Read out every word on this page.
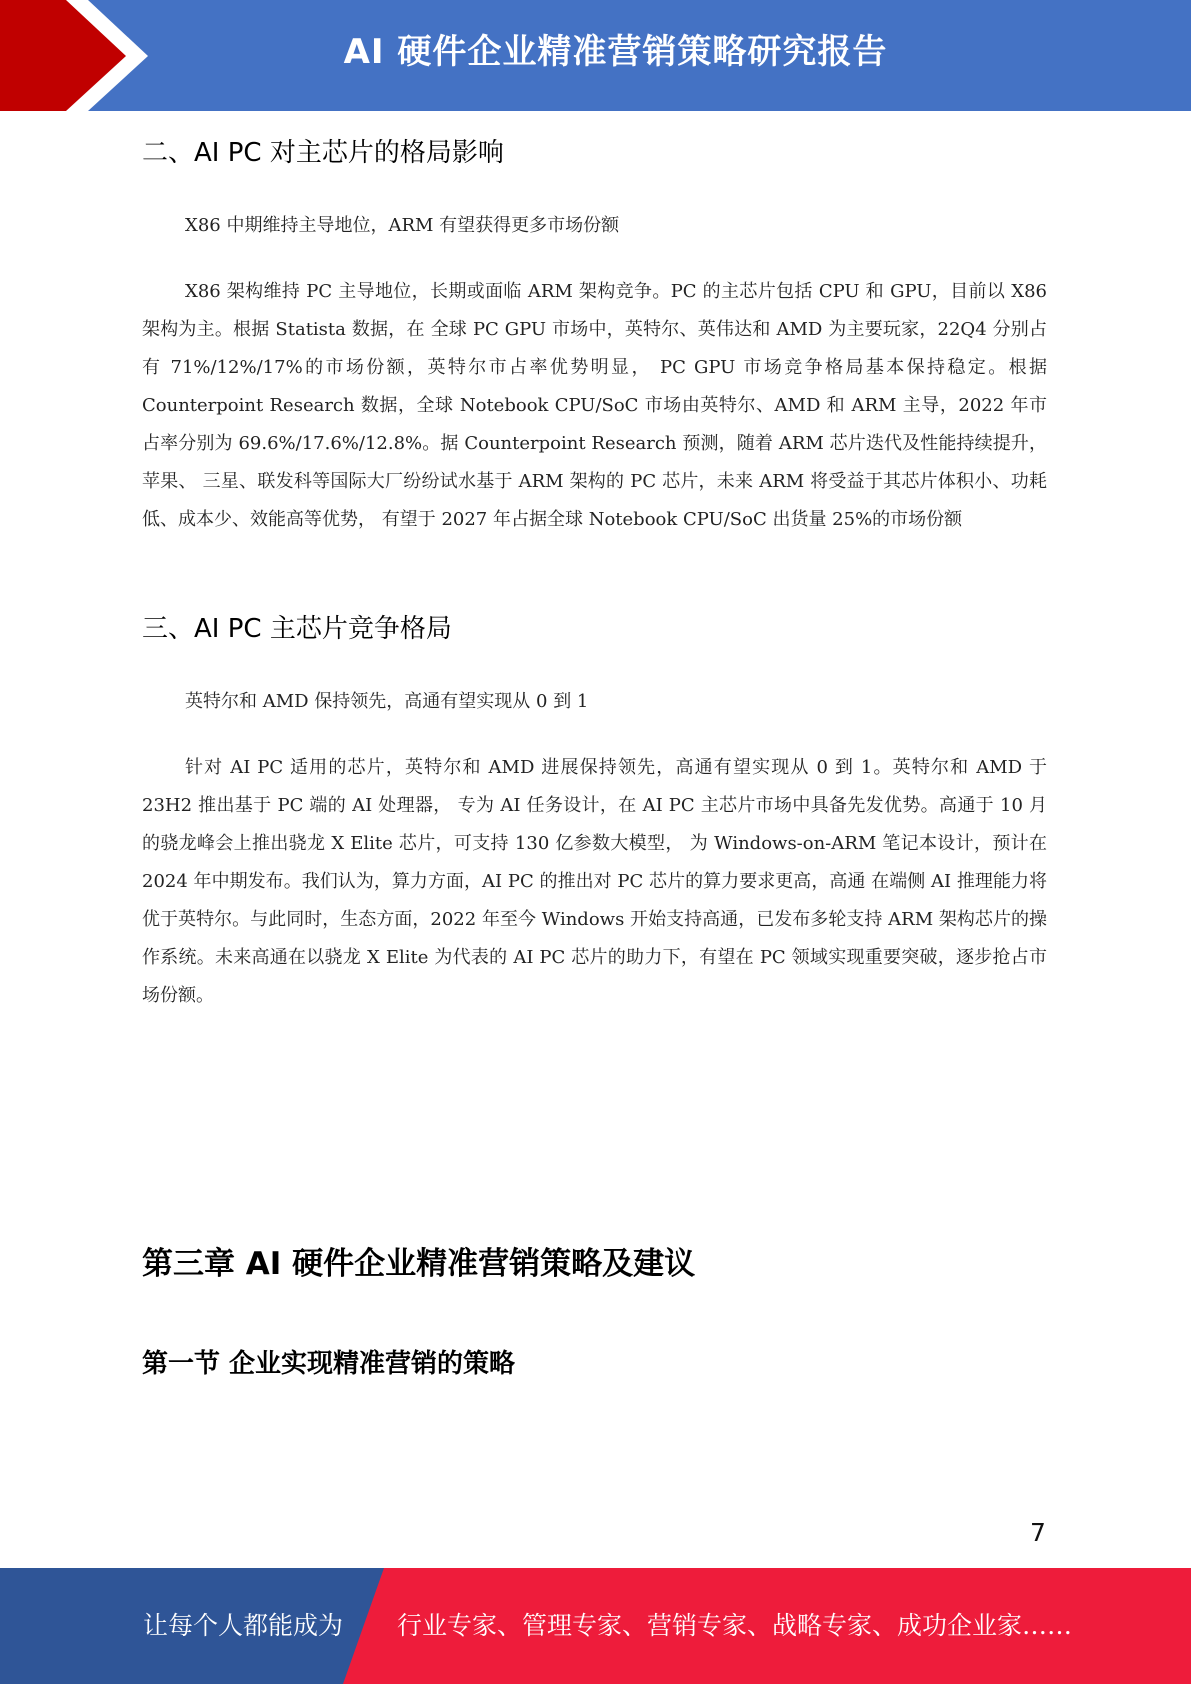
AI 硬件企业精准营销策略研究报告
二、AI PC 对主芯片的格局影响

X86 中期维持主导地位，ARM 有望获得更多市场份额

X86 架构维持 PC 主导地位，长期或面临 ARM 架构竞争。PC 的主芯片包括 CPU 和 GPU，目前以 X86 架构为主。根据 Statista 数据，在 全球 PC GPU 市场中，英特尔、英伟达和 AMD 为主要玩家，22Q4 分别占有 71%/12%/17%的市场份额，英特尔市占率优势明显， PC GPU 市场竞争格局基本保持稳定。根据 Counterpoint Research 数据，全球 Notebook CPU/SoC 市场由英特尔、AMD 和 ARM 主导，2022 年市占率分别为 69.6%/17.6%/12.8%。据 Counterpoint Research 预测，随着 ARM 芯片迭代及性能持续提升，苹果、 三星、联发科等国际大厂纷纷试水基于 ARM 架构的 PC 芯片，未来 ARM 将受益于其芯片体积小、功耗低、成本少、效能高等优势， 有望于 2027 年占据全球 Notebook CPU/SoC 出货量 25%的市场份额

三、AI PC 主芯片竞争格局

英特尔和 AMD 保持领先，高通有望实现从 0 到 1

针对 AI PC 适用的芯片，英特尔和 AMD 进展保持领先，高通有望实现从 0 到 1。英特尔和 AMD 于 23H2 推出基于 PC 端的 AI 处理器， 专为 AI 任务设计，在 AI PC 主芯片市场中具备先发优势。高通于 10 月的骁龙峰会上推出骁龙 X Elite 芯片，可支持 130 亿参数大模型， 为 Windows-on-ARM 笔记本设计，预计在 2024 年中期发布。我们认为，算力方面，AI PC 的推出对 PC 芯片的算力要求更高，高通 在端侧 AI 推理能力将优于英特尔。与此同时，生态方面，2022 年至今 Windows 开始支持高通，已发布多轮支持 ARM 架构芯片的操 作系统。未来高通在以骁龙 X Elite 为代表的 AI PC 芯片的助力下，有望在 PC 领域实现重要突破，逐步抢占市场份额。

第三章 AI 硬件企业精准营销策略及建议
第一节 企业实现精准营销的策略
7
让每个人都能成为 行业专家、管理专家、营销专家、战略专家、成功企业家……
